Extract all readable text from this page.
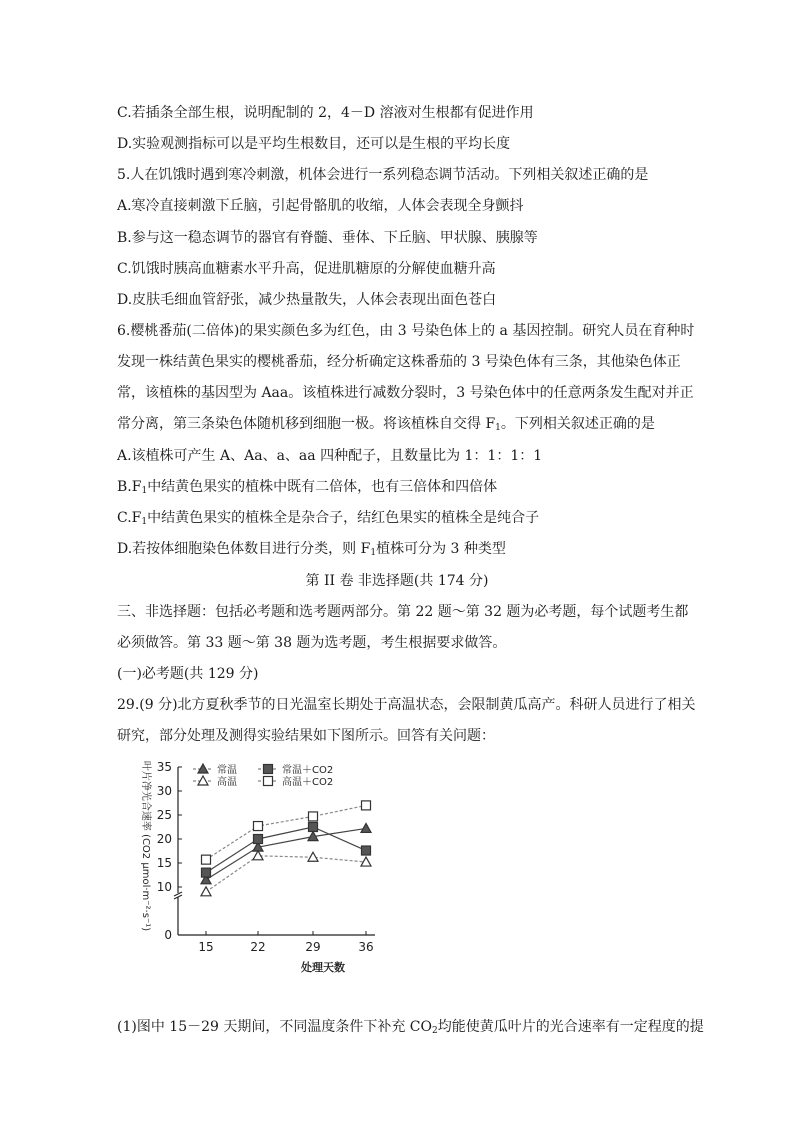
C.若插条全部生根，说明配制的 2，4－D 溶液对生根都有促进作用
D.实验观测指标可以是平均生根数目，还可以是生根的平均长度
5.人在饥饿时遇到寒冷刺激，机体会进行一系列稳态调节活动。下列相关叙述正确的是
A.寒冷直接刺激下丘脑，引起骨骼肌的收缩，人体会表现全身颤抖
B.参与这一稳态调节的器官有脊髓、垂体、下丘脑、甲状腺、胰腺等
C.饥饿时胰高血糖素水平升高，促进肌糖原的分解使血糖升高
D.皮肤毛细血管舒张，减少热量散失，人体会表现出面色苍白
6.樱桃番茄(二倍体)的果实颜色多为红色，由 3 号染色体上的 a 基因控制。研究人员在育种时
发现一株结黄色果实的樱桃番茄，经分析确定这株番茄的 3 号染色体有三条，其他染色体正
常，该植株的基因型为 Aaa。该植株进行减数分裂时，3 号染色体中的任意两条发生配对并正
常分离，第三条染色体随机移到细胞一极。将该植株自交得 $F_1$。下列相关叙述正确的是
A.该植株可产生 A、Aa、a、aa 四种配子，且数量比为 1：1：1：1
$B.F_1$中结黄色果实的植株中既有二倍体，也有三倍体和四倍体
$C.F_1$中结黄色果实的植株全是杂合子，结红色果实的植株全是纯合子
D.若按体细胞染色体数目进行分类，则 $F_1$植株可分为 3 种类型
第 II 卷 非选择题(共 174 分)
三、非选择题：包括必考题和选考题两部分。第 22 题～第 32 题为必考题，每个试题考生都
必须做答。第 33 题～第 38 题为选考题，考生根据要求做答。
(一)必考题(共 129 分)
29.(9 分)北方夏秋季节的日光温室长期处于高温状态，会限制黄瓜高产。科研人员进行了相关
研究，部分处理及测得实验结果如下图所示。回答有关问题：
0
10
15
20
25
30
35
15	22	29	36
处理天数
叶片净光合速率 (CO2 μmol·m⁻²·s⁻¹)	常温
高温
常温＋CO2
高温＋CO2
(1)图中 15－29 天期间，不同温度条件下补充 $CO_2$均能使黄瓜叶片的光合速率有一定程度的提
